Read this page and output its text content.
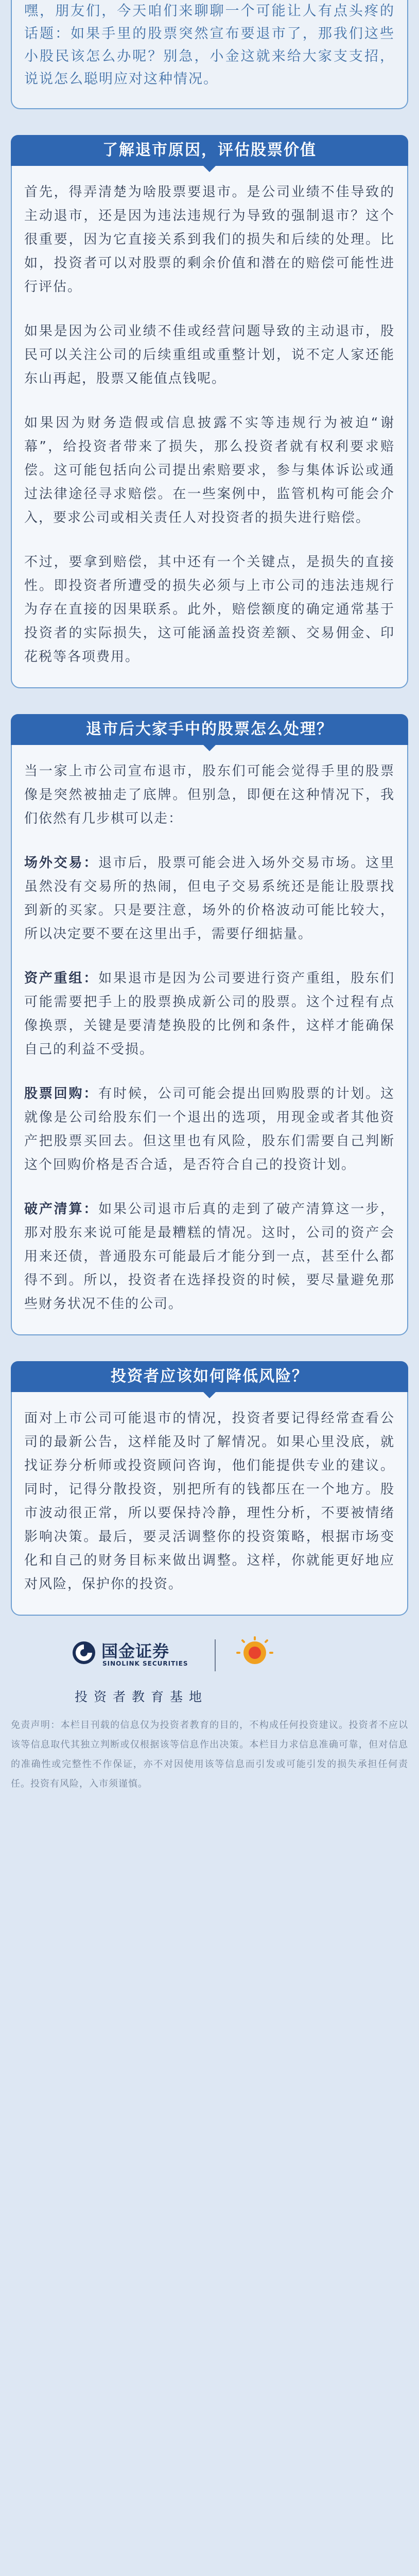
嘿，朋友们，今天咱们来聊聊一个可能让人有点头疼的话题：如果手里的股票突然宣布要退市了，那我们这些小股民该怎么办呢？别急，小金这就来给大家支支招，说说怎么聪明应对这种情况。
了解退市原因，评估股票价值

首先，得弄清楚为啥股票要退市。是公司业绩不佳导致的主动退市，还是因为违法违规行为导致的强制退市？这个很重要，因为它直接关系到我们的损失和后续的处理。比如，投资者可以对股票的剩余价值和潜在的赔偿可能性进行评估。

如果是因为公司业绩不佳或经营问题导致的主动退市，股民可以关注公司的后续重组或重整计划，说不定人家还能东山再起，股票又能值点钱呢。

如果因为财务造假或信息披露不实等违规行为被迫“谢幕”，给投资者带来了损失，那么投资者就有权利要求赔偿。这可能包括向公司提出索赔要求，参与集体诉讼或通过法律途径寻求赔偿。在一些案例中，监管机构可能会介入，要求公司或相关责任人对投资者的损失进行赔偿。

不过，要拿到赔偿，其中还有一个关键点，是损失的直接性。即投资者所遭受的损失必须与上市公司的违法违规行为存在直接的因果联系。此外，赔偿额度的确定通常基于投资者的实际损失，这可能涵盖投资差额、交易佣金、印花税等各项费用。

退市后大家手中的股票怎么处理？

当一家上市公司宣布退市，股东们可能会觉得手里的股票像是突然被抽走了底牌。但别急，即便在这种情况下，我们依然有几步棋可以走：

场外交易：退市后，股票可能会进入场外交易市场。这里虽然没有交易所的热闹，但电子交易系统还是能让股票找到新的买家。只是要注意，场外的价格波动可能比较大，所以决定要不要在这里出手，需要仔细掂量。

资产重组：如果退市是因为公司要进行资产重组，股东们可能需要把手上的股票换成新公司的股票。这个过程有点像换票，关键是要清楚换股的比例和条件，这样才能确保自己的利益不受损。

股票回购：有时候，公司可能会提出回购股票的计划。这就像是公司给股东们一个退出的选项，用现金或者其他资产把股票买回去。但这里也有风险，股东们需要自己判断这个回购价格是否合适，是否符合自己的投资计划。

破产清算：如果公司退市后真的走到了破产清算这一步，那对股东来说可能是最糟糕的情况。这时，公司的资产会用来还债，普通股东可能最后才能分到一点，甚至什么都得不到。所以，投资者在选择投资的时候，要尽量避免那些财务状况不佳的公司。

投资者应该如何降低风险？

面对上市公司可能退市的情况，投资者要记得经常查看公司的最新公告，这样能及时了解情况。如果心里没底，就找证券分析师或投资顾问咨询，他们能提供专业的建议。同时，记得分散投资，别把所有的钱都压在一个地方。股市波动很正常，所以要保持冷静，理性分析，不要被情绪影响决策。最后，要灵活调整你的投资策略，根据市场变化和自己的财务目标来做出调整。这样，你就能更好地应对风险，保护你的投资。

国金证券
SINOLINK SECURITIES
投资者教育基地
免责声明：本栏目刊载的信息仅为投资者教育的目的，不构成任何投资建议。投资者不应以该等信息取代其独立判断或仅根据该等信息作出决策。本栏目力求信息准确可靠，但对信息的准确性或完整性不作保证，亦不对因使用该等信息而引发或可能引发的损失承担任何责任。投资有风险，入市须谨慎。
